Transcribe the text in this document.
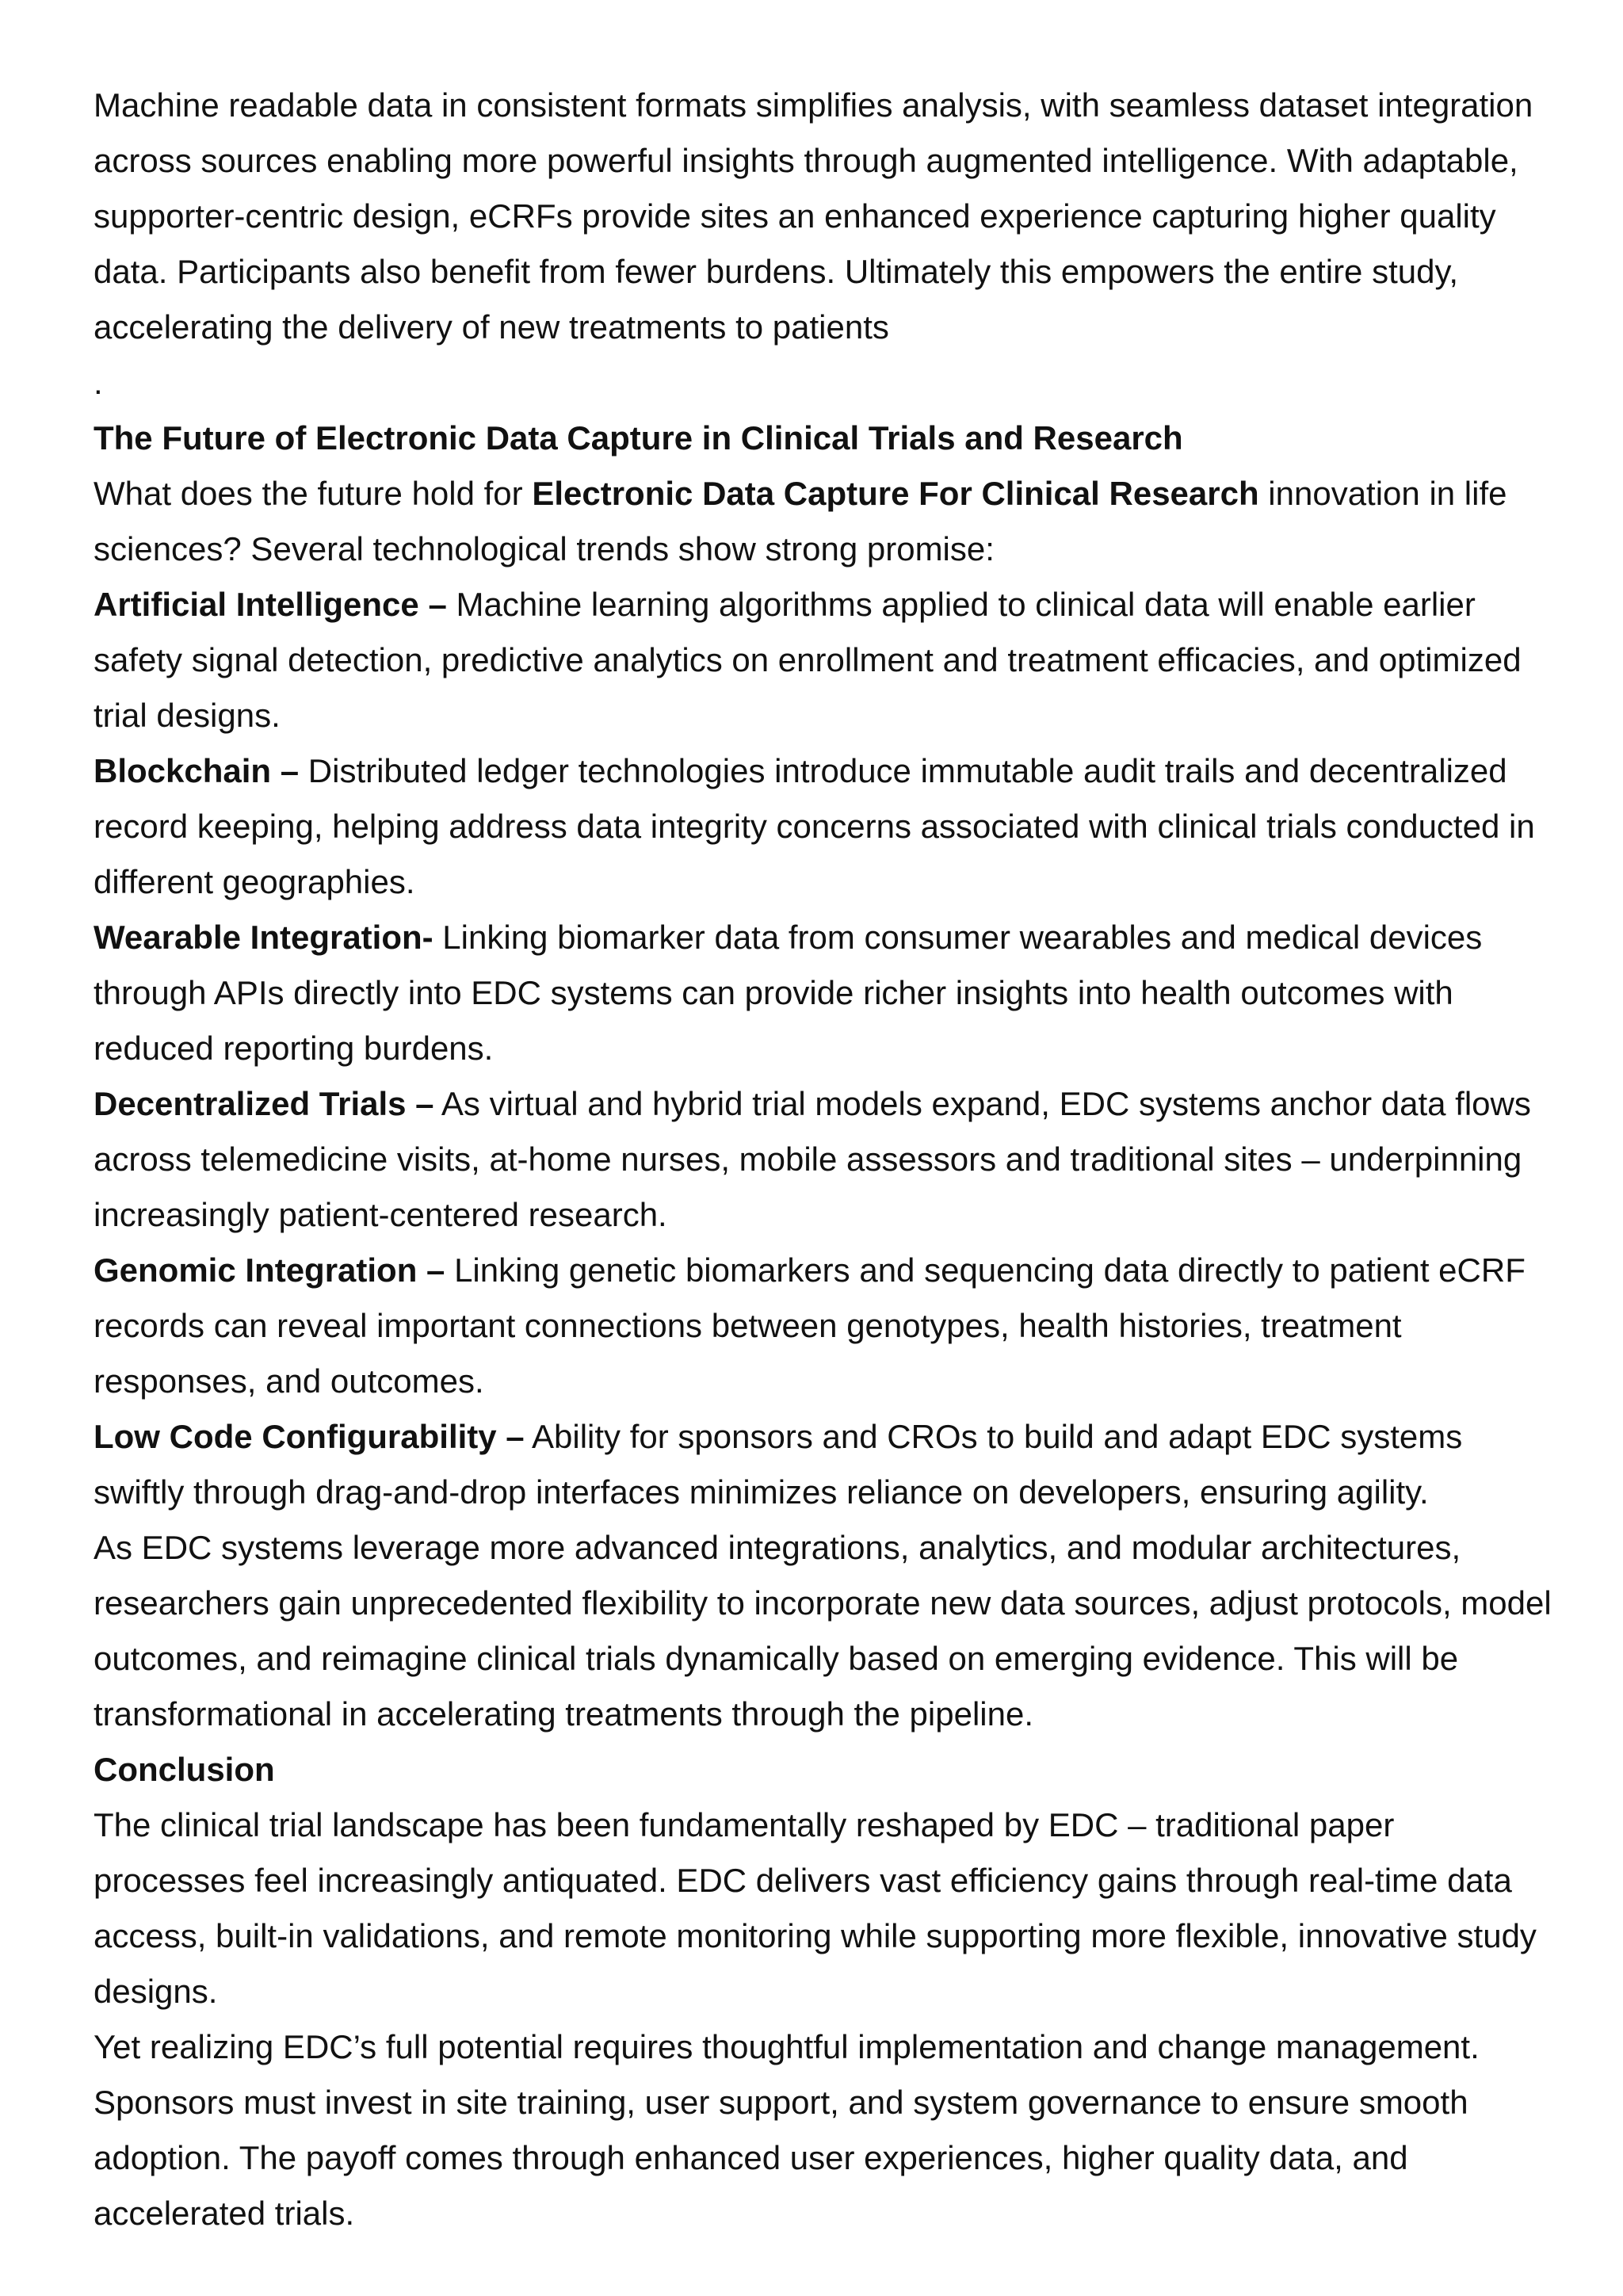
Machine readable data in consistent formats simplifies analysis, with seamless dataset integration across sources enabling more powerful insights through augmented intelligence. With adaptable, supporter-centric design, eCRFs provide sites an enhanced experience capturing higher quality data. Participants also benefit from fewer burdens. Ultimately this empowers the entire study, accelerating the delivery of new treatments to patients

.

The Future of Electronic Data Capture in Clinical Trials and Research

What does the future hold for Electronic Data Capture For Clinical Research innovation in life sciences? Several technological trends show strong promise:

Artificial Intelligence – Machine learning algorithms applied to clinical data will enable earlier safety signal detection, predictive analytics on enrollment and treatment efficacies, and optimized trial designs.

Blockchain – Distributed ledger technologies introduce immutable audit trails and decentralized record keeping, helping address data integrity concerns associated with clinical trials conducted in different geographies.

Wearable Integration- Linking biomarker data from consumer wearables and medical devices through APIs directly into EDC systems can provide richer insights into health outcomes with reduced reporting burdens.

Decentralized Trials – As virtual and hybrid trial models expand, EDC systems anchor data flows across telemedicine visits, at-home nurses, mobile assessors and traditional sites – underpinning increasingly patient-centered research.

Genomic Integration – Linking genetic biomarkers and sequencing data directly to patient eCRF records can reveal important connections between genotypes, health histories, treatment responses, and outcomes.

Low Code Configurability – Ability for sponsors and CROs to build and adapt EDC systems swiftly through drag-and-drop interfaces minimizes reliance on developers, ensuring agility.

As EDC systems leverage more advanced integrations, analytics, and modular architectures, researchers gain unprecedented flexibility to incorporate new data sources, adjust protocols, model outcomes, and reimagine clinical trials dynamically based on emerging evidence. This will be transformational in accelerating treatments through the pipeline.

Conclusion

The clinical trial landscape has been fundamentally reshaped by EDC – traditional paper processes feel increasingly antiquated. EDC delivers vast efficiency gains through real-time data access, built-in validations, and remote monitoring while supporting more flexible, innovative study designs.

Yet realizing EDC’s full potential requires thoughtful implementation and change management. Sponsors must invest in site training, user support, and system governance to ensure smooth adoption. The payoff comes through enhanced user experiences, higher quality data, and accelerated trials.
